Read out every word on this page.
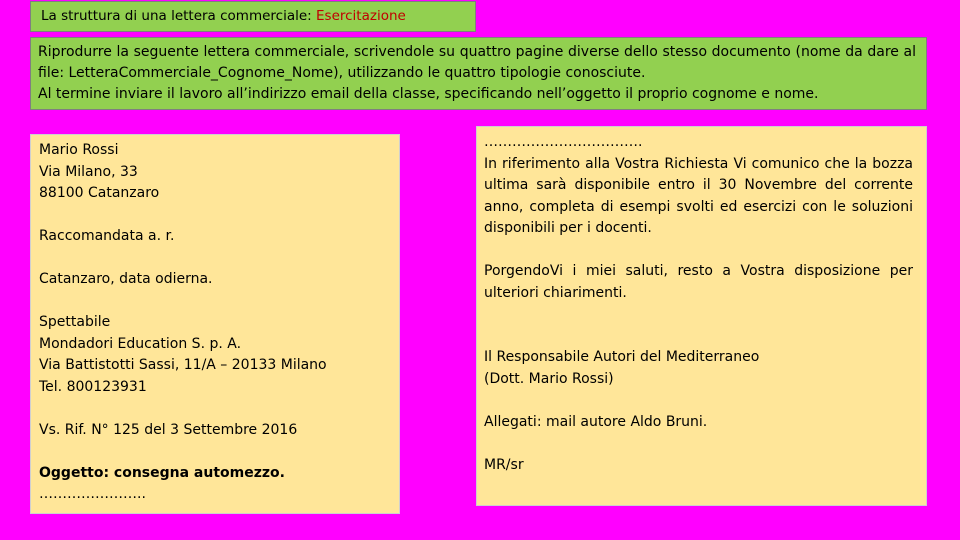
La struttura di una lettera commerciale: Esercitazione

Riprodurre la seguente lettera commerciale, scrivendole su quattro pagine diverse dello stesso documento (nome da dare al file: LetteraCommerciale_Cognome_Nome), utilizzando le quattro tipologie conosciute.

Al termine inviare il lavoro all’indirizzo email della classe, specificando nell’oggetto il proprio cognome e nome.

Mario Rossi
Via Milano, 33
88100 Catanzaro
Raccomandata a. r.
Catanzaro, data odierna.
Spettabile
Mondadori Education S. p. A.
Via Battistotti Sassi, 11/A – 20133 Milano
Tel. 800123931
Vs. Rif. N° 125 del 3 Settembre 2016
Oggetto: consegna automezzo.
…………………..
…………………………….
In riferimento alla Vostra Richiesta Vi comunico che la bozza ultima sarà disponibile entro il 30 Novembre del corrente anno, completa di esempi svolti ed esercizi con le soluzioni disponibili per i docenti.
PorgendoVi i miei saluti, resto a Vostra disposizione per ulteriori chiarimenti.
Il Responsabile Autori del Mediterraneo
(Dott. Mario Rossi)
Allegati: mail autore Aldo Bruni.
MR/sr
